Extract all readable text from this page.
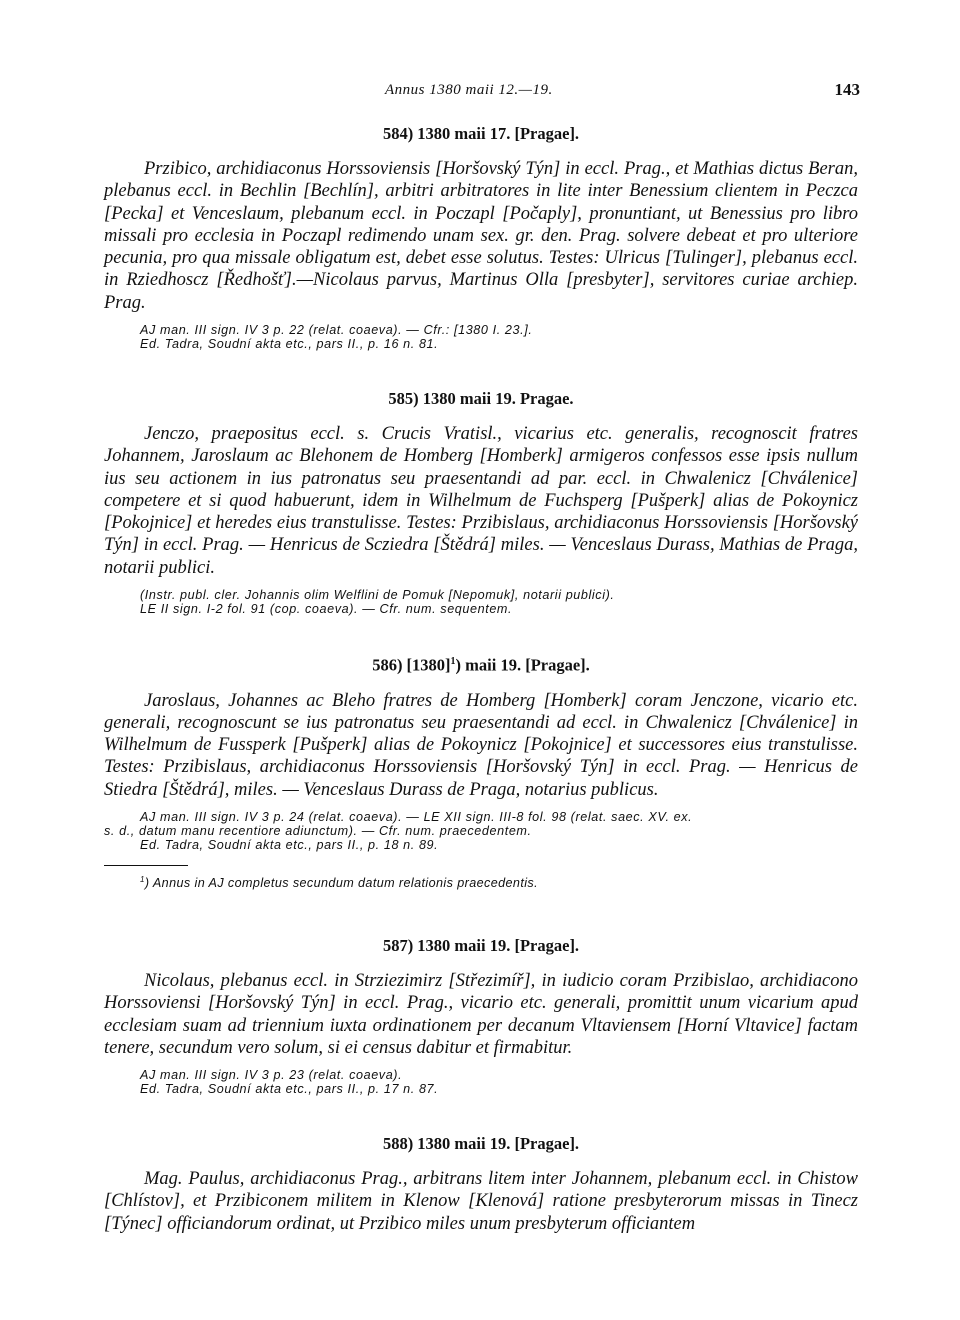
Annus 1380 maii 12.—19.	143
584) 1380 maii 17. [Pragae].

Przibico, archidiaconus Horssoviensis [Horšovský Týn] in eccl. Prag., et Mathias dictus Beran, plebanus eccl. in Bechlin [Bechlín], arbitri arbitratores in lite inter Benessium clientem in Peczca [Pecka] et Venceslaum, plebanum eccl. in Poczapl [Počaply], pronuntiant, ut Benessius pro libro missali pro ecclesia in Poczapl redimendo unam sex. gr. den. Prag. solvere debeat et pro ulteriore pecunia, pro qua missale obligatum est, debet esse solutus. Testes: Ulricus [Tulinger], plebanus eccl. in Rziedhoscz [Ředhošť].—Nicolaus parvus, Martinus Olla [presbyter], servitores curiae archiep. Prag.

AJ man. III sign. IV 3 p. 22 (relat. coaeva). — Cfr.: [1380 I. 23.].
Ed. Tadra, Soudní akta etc., pars II., p. 16 n. 81.
585) 1380 maii 19. Pragae.

Jenczo, praepositus eccl. s. Crucis Vratisl., vicarius etc. generalis, recognoscit fratres Johannem, Jaroslaum ac Blehonem de Homberg [Homberk] armigeros confessos esse ipsis nullum ius seu actionem in ius patronatus seu praesentandi ad par. eccl. in Chwalenicz [Chválenice] competere et si quod habuerunt, idem in Wilhelmum de Fuchsperg [Pušperk] alias de Pokoynicz [Pokojnice] et heredes eius transtulisse. Testes: Przibislaus, archidiaconus Horssoviensis [Horšovský Týn] in eccl. Prag. — Henricus de Scziedra [Štědrá] miles. — Venceslaus Durass, Mathias de Praga, notarii publici.

(Instr. publ. cler. Johannis olim Welflini de Pomuk [Nepomuk], notarii publici).
LE II sign. I-2 fol. 91 (cop. coaeva). — Cfr. num. sequentem.
586) $[1380]^1$) maii 19. [Pragae].

Jaroslaus, Johannes ac Bleho fratres de Homberg [Homberk] coram Jenczone, vicario etc. generali, recognoscunt se ius patronatus seu praesentandi ad eccl. in Chwalenicz [Chválenice] in Wilhelmum de Fussperk [Pušperk] alias de Pokoynicz [Pokojnice] et successores eius transtulisse. Testes: Przibislaus, archidiaconus Horssoviensis [Horšovský Týn] in eccl. Prag. — Henricus de Stiedra [Štědrá], miles. — Venceslaus Durass de Praga, notarius publicus.

AJ man. III sign. IV 3 p. 24 (relat. coaeva). — LE XII sign. III-8 fol. 98 (relat. saec. XV. ex.
s. d., datum manu recentiore adiunctum). — Cfr. num. praecedentem.
Ed. Tadra, Soudní akta etc., pars II., p. 18 n. 89.
$^1$) Annus in AJ completus secundum datum relationis praecedentis.
587) 1380 maii 19. [Pragae].

Nicolaus, plebanus eccl. in Strziezimirz [Střezimíř], in iudicio coram Przibislao, archidiacono Horssoviensi [Horšovský Týn] in eccl. Prag., vicario etc. generali, promittit unum vicarium apud ecclesiam suam ad triennium iuxta ordinationem per decanum Vltaviensem [Horní Vltavice] factam tenere, secundum vero solum, si ei census dabitur et firmabitur.

AJ man. III sign. IV 3 p. 23 (relat. coaeva).
Ed. Tadra, Soudní akta etc., pars II., p. 17 n. 87.
588) 1380 maii 19. [Pragae].

Mag. Paulus, archidiaconus Prag., arbitrans litem inter Johannem, plebanum eccl. in Chistow [Chlístov], et Przibiconem militem in Klenow [Klenová] ratione presbyterorum missas in Tinecz [Týnec] officiandorum ordinat, ut Przibico miles unum presbyterum officiantem
